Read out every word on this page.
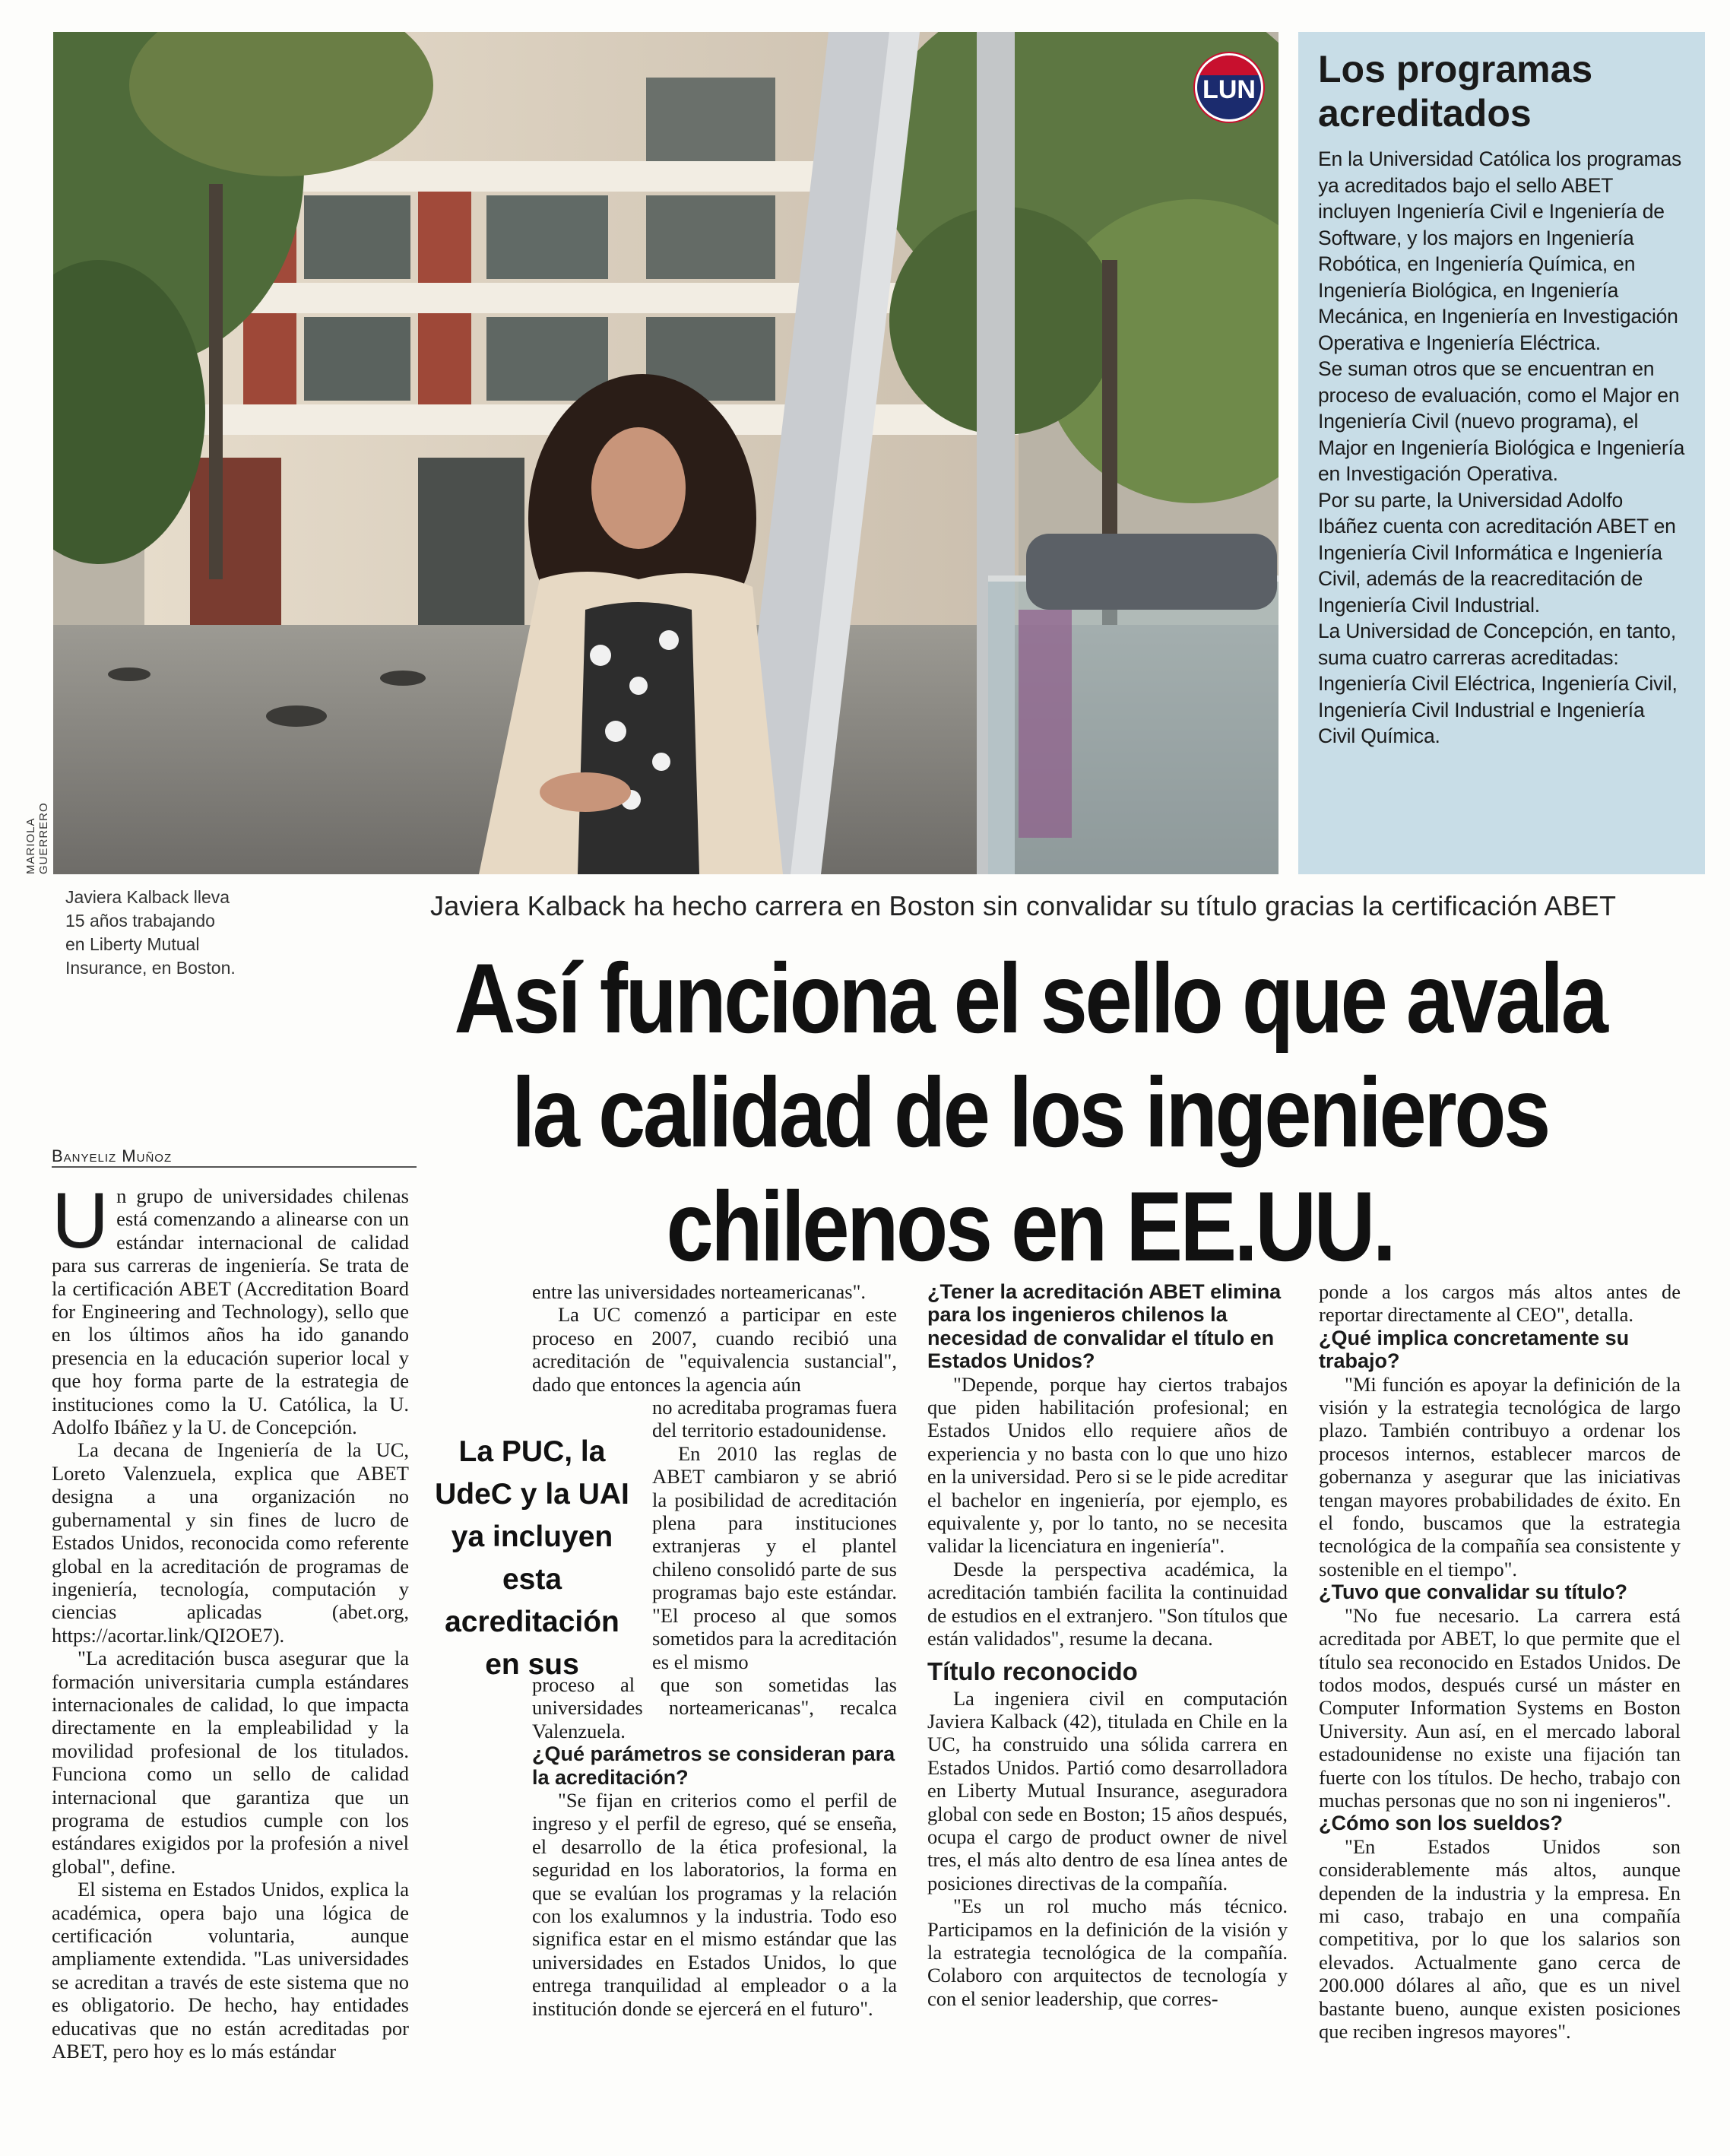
MARIOLA GUERRERO
LUN Los programas acreditados

En la Universidad Católica los programas ya acreditados bajo el sello ABET incluyen Ingeniería Civil e Ingeniería de Software, y los majors en Ingeniería Robótica, en Ingeniería Química, en Ingeniería Biológica, en Ingeniería Mecánica, en Ingeniería en Investigación Operativa e Ingeniería Eléctrica.

Se suman otros que se encuentran en proceso de evaluación, como el Major en Ingeniería Civil (nuevo programa), el Major en Ingeniería Biológica e Ingeniería en Investigación Operativa.

Por su parte, la Universidad Adolfo Ibáñez cuenta con acreditación ABET en Ingeniería Civil Informática e Ingeniería Civil, además de la reacreditación de Ingeniería Civil Industrial.

La Universidad de Concepción, en tanto, suma cuatro carreras acreditadas: Ingeniería Civil Eléctrica, Ingeniería Civil, Ingeniería Civil Industrial e Ingeniería Civil Química.

Javiera Kalback lleva
15 años trabajando
en Liberty Mutual
Insurance, en Boston.
Javiera Kalback ha hecho carrera en Boston sin convalidar su título gracias la certificación ABET
Así funciona el sello que avala
la calidad de los ingenieros
chilenos en EE.UU.
Banyeliz Muñoz

Un grupo de universidades chilenas está comenzando a alinearse con un estándar internacional de calidad para sus carreras de ingeniería. Se trata de la certificación ABET (Accreditation Board for Engineering and Technology), sello que en los últimos años ha ido ganando presencia en la educación superior local y que hoy forma parte de la estrategia de instituciones como la U. Católica, la U. Adolfo Ibáñez y la U. de Concepción.

La decana de Ingeniería de la UC, Loreto Valenzuela, explica que ABET designa a una organización no gubernamental y sin fines de lucro de Estados Unidos, reconocida como referente global en la acreditación de programas de ingeniería, tecnología, computación y ciencias aplicadas (abet.org, https://acortar.link/QI2OE7).

"La acreditación busca asegurar que la formación universitaria cumpla estándares internacionales de calidad, lo que impacta directamente en la empleabilidad y la movilidad profesional de los titulados. Funciona como un sello de calidad internacional que garantiza que un programa de estudios cumple con los estándares exigidos por la profesión a nivel global", define.

El sistema en Estados Unidos, explica la académica, opera bajo una lógica de certificación voluntaria, aunque ampliamente extendida. "Las universidades se acreditan a través de este sistema que no es obligatorio. De hecho, hay entidades educativas que no están acreditadas por ABET, pero hoy es lo más estándar

La PUC, la UdeC y la UAI ya incluyen esta acreditación en sus

entre las universidades norteamericanas".

La UC comenzó a participar en este proceso en 2007, cuando recibió una acreditación de "equivalencia sustancial", dado que entonces la agencia aún

no acreditaba programas fuera del territorio estadounidense.

En 2010 las reglas de ABET cambiaron y se abrió la posibilidad de acreditación plena para instituciones extranjeras y el plantel chileno consolidó parte de sus programas bajo este estándar. "El proceso al que somos sometidos para la acreditación es el mismo

proceso al que son sometidas las universidades norteamericanas", recalca Valenzuela.

¿Qué parámetros se consideran para la acreditación?

"Se fijan en criterios como el perfil de ingreso y el perfil de egreso, qué se enseña, el desarrollo de la ética profesional, la seguridad en los laboratorios, la forma en que se evalúan los programas y la relación con los exalumnos y la industria. Todo eso significa estar en el mismo estándar que las universidades en Estados Unidos, lo que entrega tranquilidad al empleador o a la institución donde se ejercerá en el futuro".

¿Tener la acreditación ABET elimina para los ingenieros chilenos la necesidad de convalidar el título en Estados Unidos?

"Depende, porque hay ciertos trabajos que piden habilitación profesional; en Estados Unidos ello requiere años de experiencia y no basta con lo que uno hizo en la universidad. Pero si se le pide acreditar el bachelor en ingeniería, por ejemplo, es equivalente y, por lo tanto, no se necesita validar la licenciatura en ingeniería".

Desde la perspectiva académica, la acreditación también facilita la continuidad de estudios en el extranjero. "Son títulos que están validados", resume la decana.

Título reconocido

La ingeniera civil en computación Javiera Kalback (42), titulada en Chile en la UC, ha construido una sólida carrera en Estados Unidos. Partió como desarrolladora en Liberty Mutual Insurance, aseguradora global con sede en Boston; 15 años después, ocupa el cargo de product owner de nivel tres, el más alto dentro de esa línea antes de posiciones directivas de la compañía.

"Es un rol mucho más técnico. Participamos en la definición de la visión y la estrategia tecnológica de la compañía. Colaboro con arquitectos de tecnología y con el senior leadership, que corres-

ponde a los cargos más altos antes de reportar directamente al CEO", detalla.

¿Qué implica concretamente su trabajo?

"Mi función es apoyar la definición de la visión y la estrategia tecnológica de largo plazo. También contribuyo a ordenar los procesos internos, establecer marcos de gobernanza y asegurar que las iniciativas tengan mayores probabilidades de éxito. En el fondo, buscamos que la estrategia tecnológica de la compañía sea consistente y sostenible en el tiempo".

¿Tuvo que convalidar su título?

"No fue necesario. La carrera está acreditada por ABET, lo que permite que el título sea reconocido en Estados Unidos. De todos modos, después cursé un máster en Computer Information Systems en Boston University. Aun así, en el mercado laboral estadounidense no existe una fijación tan fuerte con los títulos. De hecho, trabajo con muchas personas que no son ni ingenieros".

¿Cómo son los sueldos?

"En Estados Unidos son considerablemente más altos, aunque dependen de la industria y la empresa. En mi caso, trabajo en una compañía competitiva, por lo que los salarios son elevados. Actualmente gano cerca de 200.000 dólares al año, que es un nivel bastante bueno, aunque existen posiciones que reciben ingresos mayores".
